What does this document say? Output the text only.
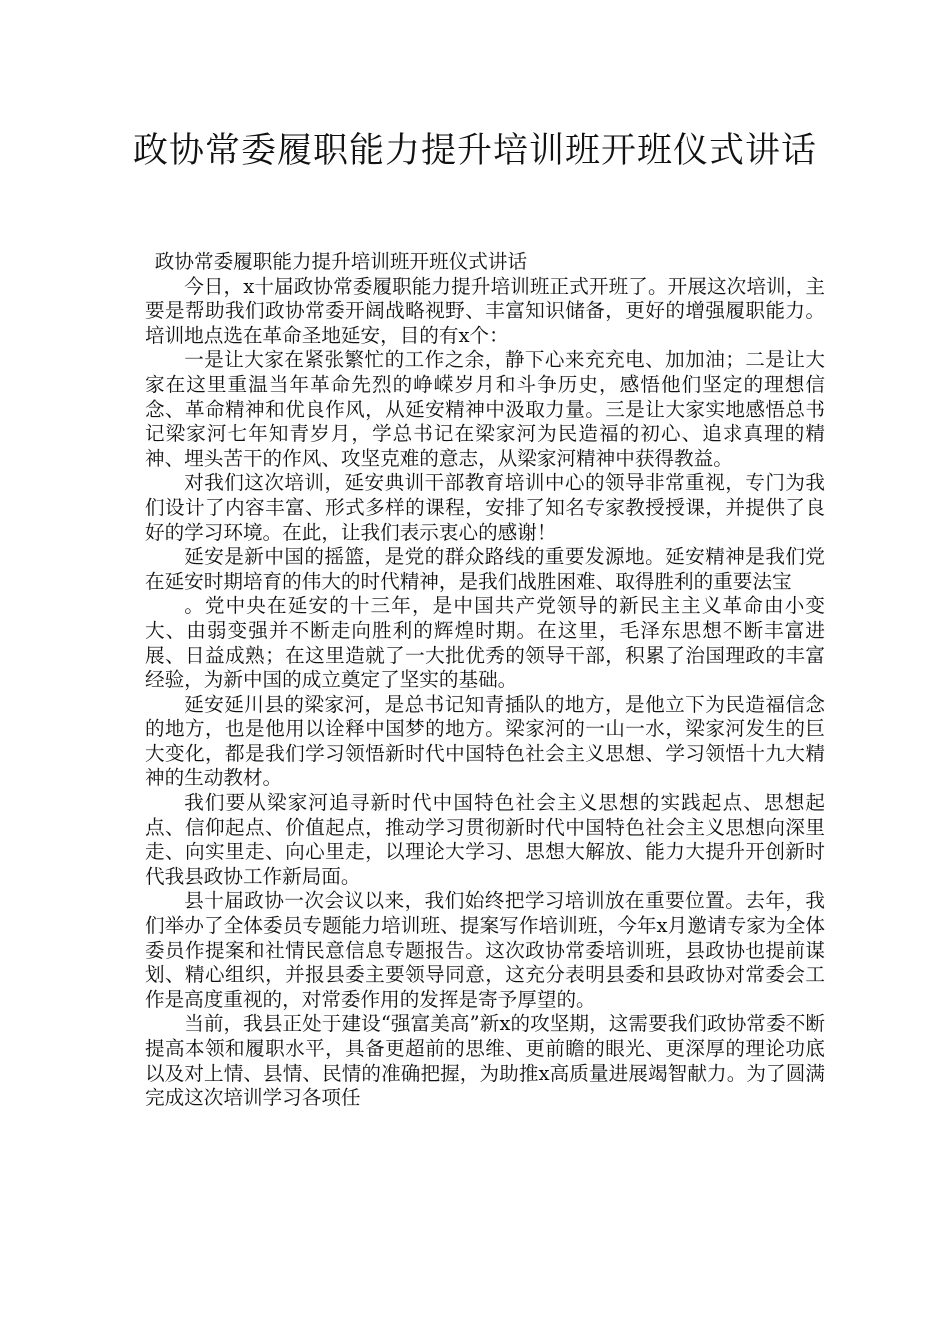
政协常委履职能力提升培训班开班仪式讲话

政协常委履职能力提升培训班开班仪式讲话

今日，x十届政协常委履职能力提升培训班正式开班了。开展这次培训，主要是帮助我们政协常委开阔战略视野、丰富知识储备，更好的增强履职能力。培训地点选在革命圣地延安，目的有x个：

一是让大家在紧张繁忙的工作之余，静下心来充充电、加加油；二是让大家在这里重温当年革命先烈的峥嵘岁月和斗争历史，感悟他们坚定的理想信念、革命精神和优良作风，从延安精神中汲取力量。三是让大家实地感悟总书记梁家河七年知青岁月，学总书记在梁家河为民造福的初心、追求真理的精神、埋头苦干的作风、攻坚克难的意志，从梁家河精神中获得教益。

对我们这次培训，延安典训干部教育培训中心的领导非常重视，专门为我们设计了内容丰富、形式多样的课程，安排了知名专家教授授课，并提供了良好的学习环境。在此，让我们表示衷心的感谢！

延安是新中国的摇篮，是党的群众路线的重要发源地。延安精神是我们党在延安时期培育的伟大的时代精神，是我们战胜困难、取得胜利的重要法宝

。党中央在延安的十三年，是中国共产党领导的新民主主义革命由小变大、由弱变强并不断走向胜利的辉煌时期。在这里，毛泽东思想不断丰富进展、日益成熟；在这里造就了一大批优秀的领导干部，积累了治国理政的丰富经验，为新中国的成立奠定了坚实的基础。

延安延川县的梁家河，是总书记知青插队的地方，是他立下为民造福信念的地方，也是他用以诠释中国梦的地方。梁家河的一山一水，梁家河发生的巨大变化，都是我们学习领悟新时代中国特色社会主义思想、学习领悟十九大精神的生动教材。

我们要从梁家河追寻新时代中国特色社会主义思想的实践起点、思想起点、信仰起点、价值起点，推动学习贯彻新时代中国特色社会主义思想向深里走、向实里走、向心里走，以理论大学习、思想大解放、能力大提升开创新时代我县政协工作新局面。

县十届政协一次会议以来，我们始终把学习培训放在重要位置。去年，我们举办了全体委员专题能力培训班、提案写作培训班，今年x月邀请专家为全体委员作提案和社情民意信息专题报告。这次政协常委培训班，县政协也提前谋划、精心组织，并报县委主要领导同意，这充分表明县委和县政协对常委会工作是高度重视的，对常委作用的发挥是寄予厚望的。

当前，我县正处于建设“强富美高”新x的攻坚期，这需要我们政协常委不断提高本领和履职水平，具备更超前的思维、更前瞻的眼光、更深厚的理论功底以及对上情、县情、民情的准确把握，为助推x高质量进展竭智献力。为了圆满完成这次培训学习各项任
